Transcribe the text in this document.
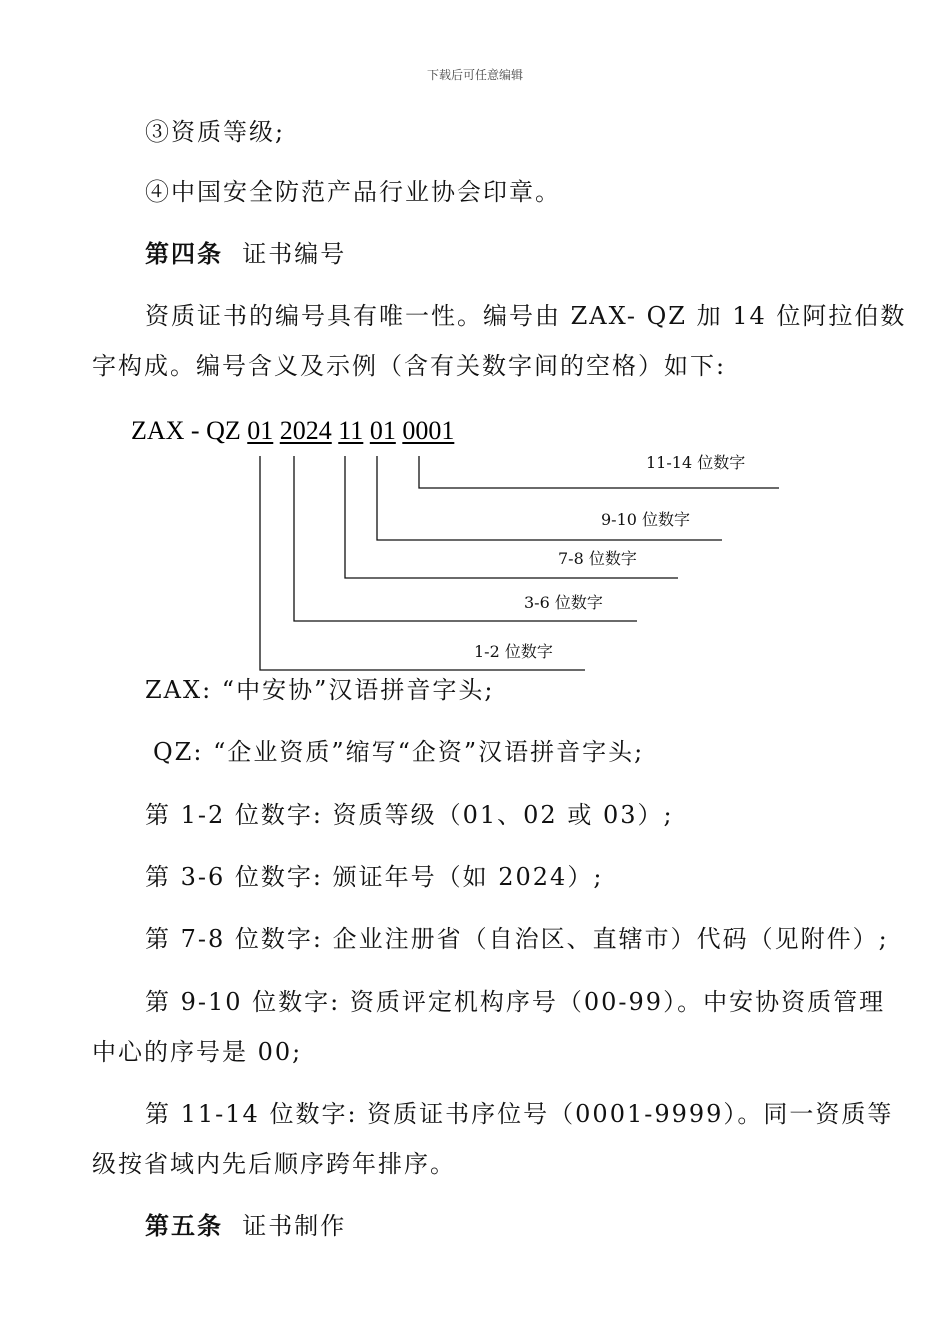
下载后可任意编辑
③资质等级;
④中国安全防范产品行业协会印章。
第四条 证书编号
资质证书的编号具有唯一性。编号由 ZAX- QZ 加 14 位阿拉伯数
字构成。编号含义及示例（含有关数字间的空格）如下:
ZAX - QZ 01 2024 11 01 0001
11-14 位数字
9-10 位数字
7-8 位数字
3-6 位数字
1-2 位数字
ZAX: “中安协”汉语拼音字头;
QZ: “企业资质”缩写“企资”汉语拼音字头;
第 1-2 位数字: 资质等级（01、02 或 03）;
第 3-6 位数字: 颁证年号（如 2024）;
第 7-8 位数字: 企业注册省（自治区、直辖市）代码（见附件）;
第 9-10 位数字: 资质评定机构序号（00-99）。中安协资质管理
中心的序号是 00;
第 11-14 位数字: 资质证书序位号（0001-9999）。同一资质等
级按省域内先后顺序跨年排序。
第五条 证书制作
